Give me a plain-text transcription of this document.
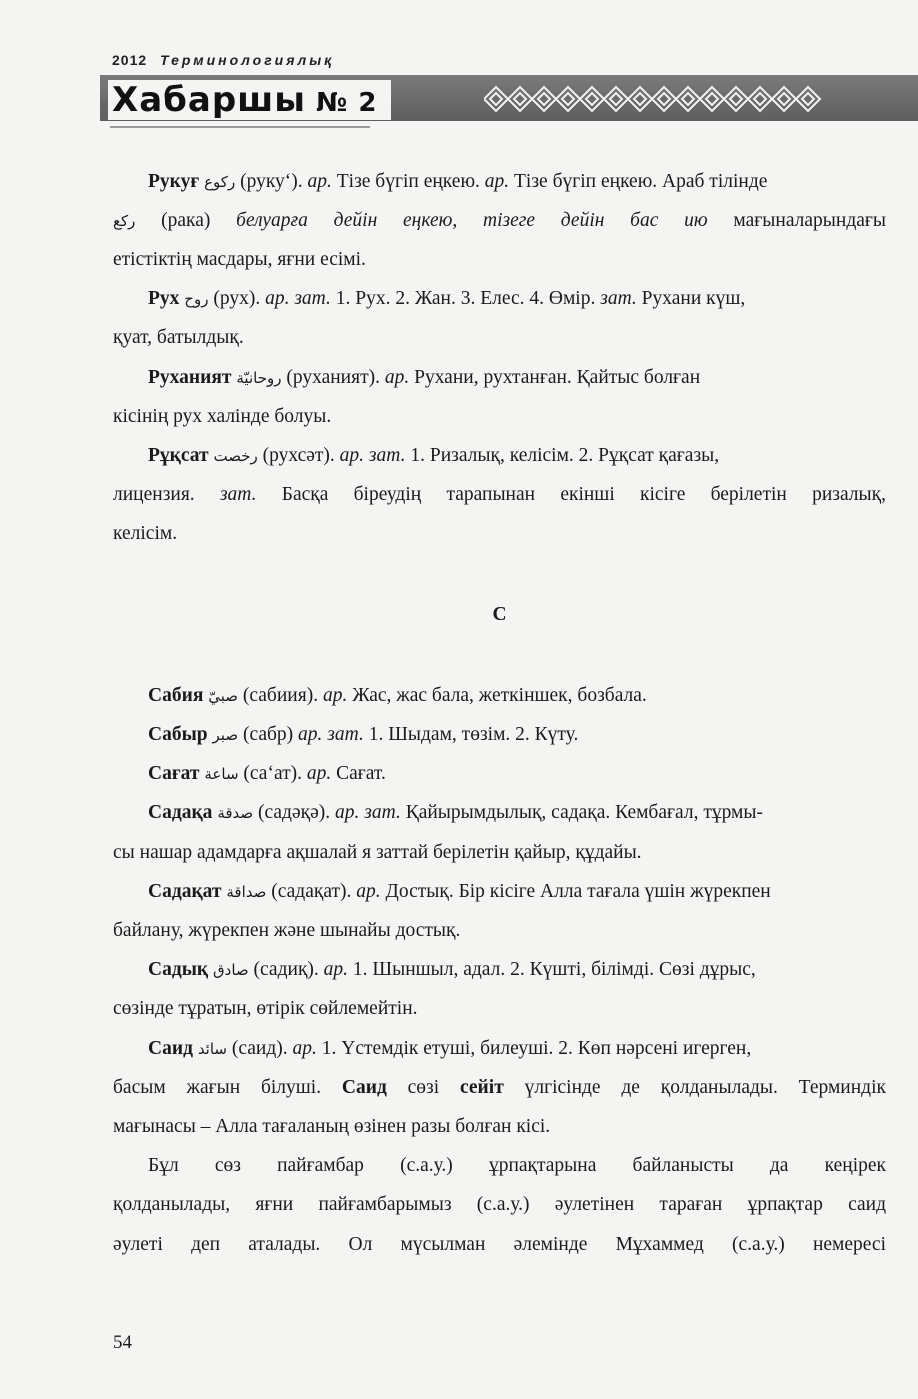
2012 Терминологиялық
Хабаршы № 2
Рукуғ ركوع (руку‘). ар. Тізе бүгіп еңкею. ар. Тізе бүгіп еңкею. Араб тілінде
ركع (рака) белуарға дейін еңкею, тізеге дейін бас ию мағыналарындағы
етістіктің масдары, яғни есімі.
Рух روح (рух). ар. зат. 1. Рух. 2. Жан. 3. Елес. 4. Өмір. зат. Рухани күш,
қуат, батылдық.
Руханият روحانيّة (руханият). ар. Рухани, рухтанған. Қайтыс болған
кісінің рух халінде болуы.
Рұқсат رخصت (рухсәт). ар. зат. 1. Ризалық, келісім. 2. Рұқсат қағазы,
лицензия. зат. Басқа біреудің тарапынан екінші кісіге берілетін ризалық,
келісім.
С
Сабия صبيّ (сабиия). ар. Жас, жас бала, жеткіншек, бозбала.
Сабыр صبر (сабр) ар. зат. 1. Шыдам, төзім. 2. Күту.
Сағат ساعة (са‘ат). ар. Сағат.
Садақа صدقة (садәқә). ар. зат. Қайырымдылық, садақа. Кембағал, тұрмы-
сы нашар адамдарға ақшалай я заттай берілетін қайыр, құдайы.
Садақат صداقة (садақат). ар. Достық. Бір кісіге Алла тағала үшін жүрекпен
байлану, жүрекпен және шынайы достық.
Садық صادق (садиқ). ар. 1. Шыншыл, адал. 2. Күшті, білімді. Сөзі дұрыс,
сөзінде тұратын, өтірік сөйлемейтін.
Саид سائد (саид). ар. 1. Үстемдік етуші, билеуші. 2. Көп нәрсені игерген,
басым жағын білуші. Саид сөзі сейіт үлгісінде де қолданылады. Терминдік
мағынасы – Алла тағаланың өзінен разы болған кісі.
Бұл сөз пайғамбар (с.а.у.) ұрпақтарына байланысты да кеңірек
қолданылады, яғни пайғамбарымыз (с.а.у.) әулетінен тараған ұрпақтар саид
әулеті деп аталады. Ол мүсылман әлемінде Мұхаммед (с.а.у.) немересі
54
